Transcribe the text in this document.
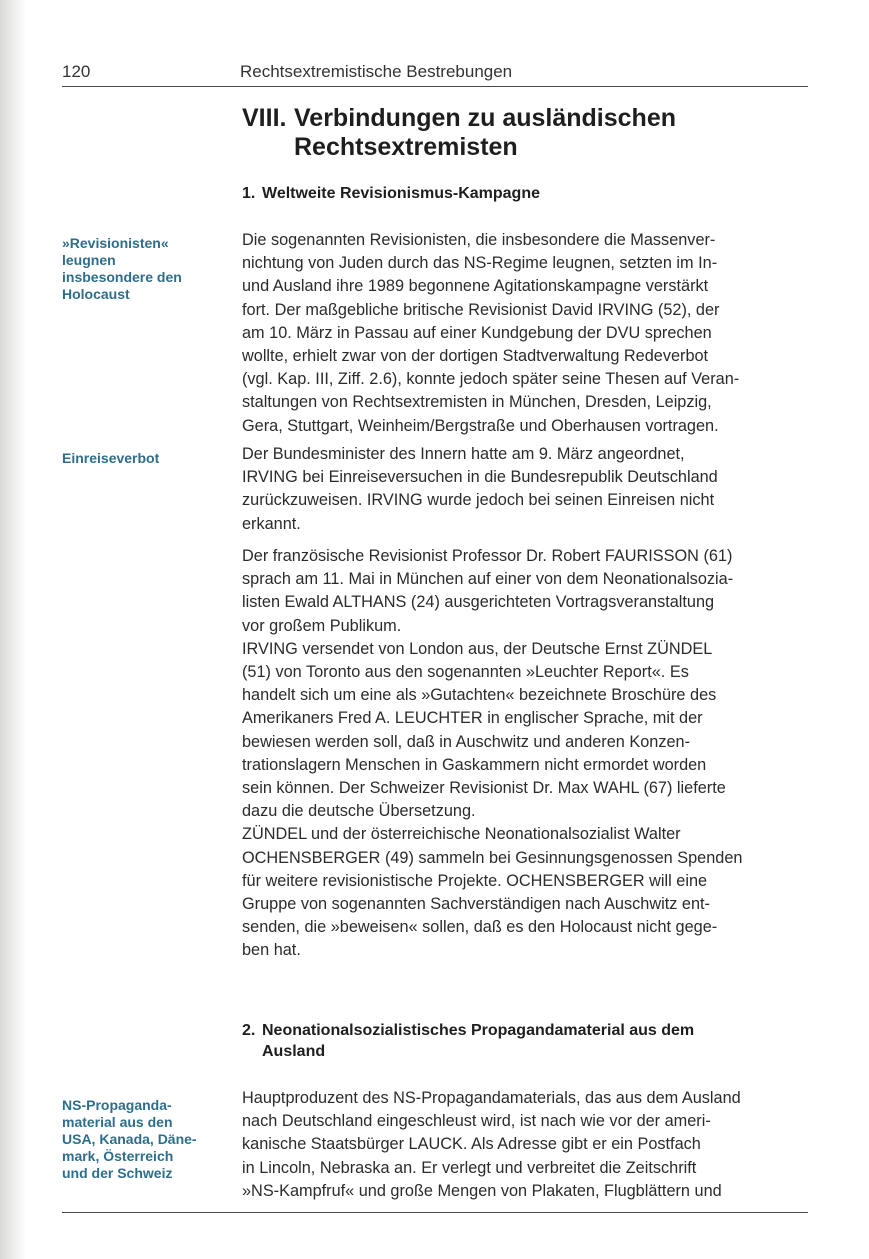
120	Rechtsextremistische Bestrebungen
VIII. Verbindungen zu ausländischen
Rechtsextremisten
1. Weltweite Revisionismus-Kampagne
»Revisionisten«
leugnen
insbesondere den
Holocaust
Die sogenannten Revisionisten, die insbesondere die Massenver-
nichtung von Juden durch das NS-Regime leugnen, setzten im In-
und Ausland ihre 1989 begonnene Agitationskampagne verstärkt
fort. Der maßgebliche britische Revisionist David IRVING (52), der
am 10. März in Passau auf einer Kundgebung der DVU sprechen
wollte, erhielt zwar von der dortigen Stadtverwaltung Redeverbot
(vgl. Kap. III, Ziff. 2.6), konnte jedoch später seine Thesen auf Veran-
staltungen von Rechtsextremisten in München, Dresden, Leipzig,
Gera, Stuttgart, Weinheim/Bergstraße und Oberhausen vortragen.
Einreiseverbot	Der Bundesminister des Innern hatte am 9. März angeordnet,
IRVING bei Einreiseversuchen in die Bundesrepublik Deutschland
zurückzuweisen. IRVING wurde jedoch bei seinen Einreisen nicht
erkannt.
Der französische Revisionist Professor Dr. Robert FAURISSON (61)
sprach am 11. Mai in München auf einer von dem Neonationalsozia-
listen Ewald ALTHANS (24) ausgerichteten Vortragsveranstaltung
vor großem Publikum.
IRVING versendet von London aus, der Deutsche Ernst ZÜNDEL
(51) von Toronto aus den sogenannten »Leuchter Report«. Es
handelt sich um eine als »Gutachten« bezeichnete Broschüre des
Amerikaners Fred A. LEUCHTER in englischer Sprache, mit der
bewiesen werden soll, daß in Auschwitz und anderen Konzen-
trationslagern Menschen in Gaskammern nicht ermordet worden
sein können. Der Schweizer Revisionist Dr. Max WAHL (67) lieferte
dazu die deutsche Übersetzung.
ZÜNDEL und der österreichische Neonationalsozialist Walter
OCHENSBERGER (49) sammeln bei Gesinnungsgenossen Spenden
für weitere revisionistische Projekte. OCHENSBERGER will eine
Gruppe von sogenannten Sachverständigen nach Auschwitz ent-
senden, die »beweisen« sollen, daß es den Holocaust nicht gege-
ben hat.
2. Neonationalsozialistisches Propagandamaterial aus dem
Ausland
NS-Propaganda-
material aus den
USA, Kanada, Däne-
mark, Österreich
und der Schweiz
Hauptproduzent des NS-Propagandamaterials, das aus dem Ausland
nach Deutschland eingeschleust wird, ist nach wie vor der ameri-
kanische Staatsbürger LAUCK. Als Adresse gibt er ein Postfach
in Lincoln, Nebraska an. Er verlegt und verbreitet die Zeitschrift
»NS-Kampfruf« und große Mengen von Plakaten, Flugblättern und
